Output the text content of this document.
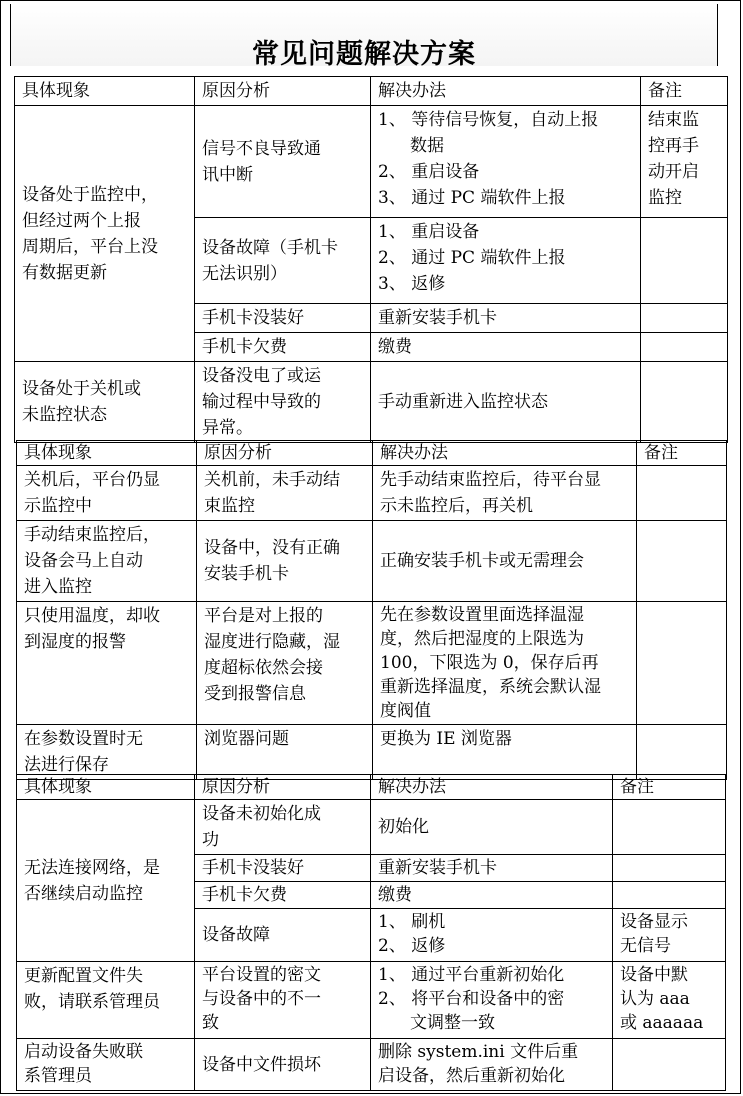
常见问题解决方案
具体现象	原因分析	解决办法	备注

设备处于监控中，
但经过两个上报
周期后，平台上没
有数据更新	信号不良导致通
讯中断	1、 等待信号恢复，自动上报
数据
2、 重启设备
3、 通过 PC 端软件上报	结束监
控再手
动开启
监控

	设备故障（手机卡
无法识别）	1、 重启设备
2、 通过 PC 端软件上报
3、 返修	

	手机卡没装好	重新安装手机卡	
	手机卡欠费	缴费	

设备处于关机或
未监控状态	设备没电了或运
输过程中导致的
异常。	手动重新进入监控状态	
具体现象	原因分析	解决办法	备注

关机后，平台仍显
示监控中	关机前，未手动结
束监控	先手动结束监控后，待平台显
示未监控后，再关机	

手动结束监控后，
设备会马上自动
进入监控	设备中，没有正确
安装手机卡	正确安装手机卡或无需理会	

只使用温度，却收
到湿度的报警	平台是对上报的
湿度进行隐藏，湿
度超标依然会接
受到报警信息	先在参数设置里面选择温湿
度，然后把湿度的上限选为
100，下限选为 0，保存后再
重新选择温度，系统会默认湿
度阀值	

在参数设置时无
法进行保存	浏览器问题	更换为 IE 浏览器	
具体现象	原因分析	解决办法	备注

无法连接网络，是
否继续启动监控	设备未初始化成
功	初始化	
	手机卡没装好	重新安装手机卡	
	手机卡欠费	缴费	
	设备故障	1、 刷机
2、 返修	设备显示
无信号

更新配置文件失
败，请联系管理员	平台设置的密文
与设备中的不一
致	1、 通过平台重新初始化
2、 将平台和设备中的密
文调整一致	设备中默
认为 aaa
或 aaaaaa

启动设备失败联
系管理员	设备中文件损坏	删除 system.ini 文件后重
启设备，然后重新初始化	
